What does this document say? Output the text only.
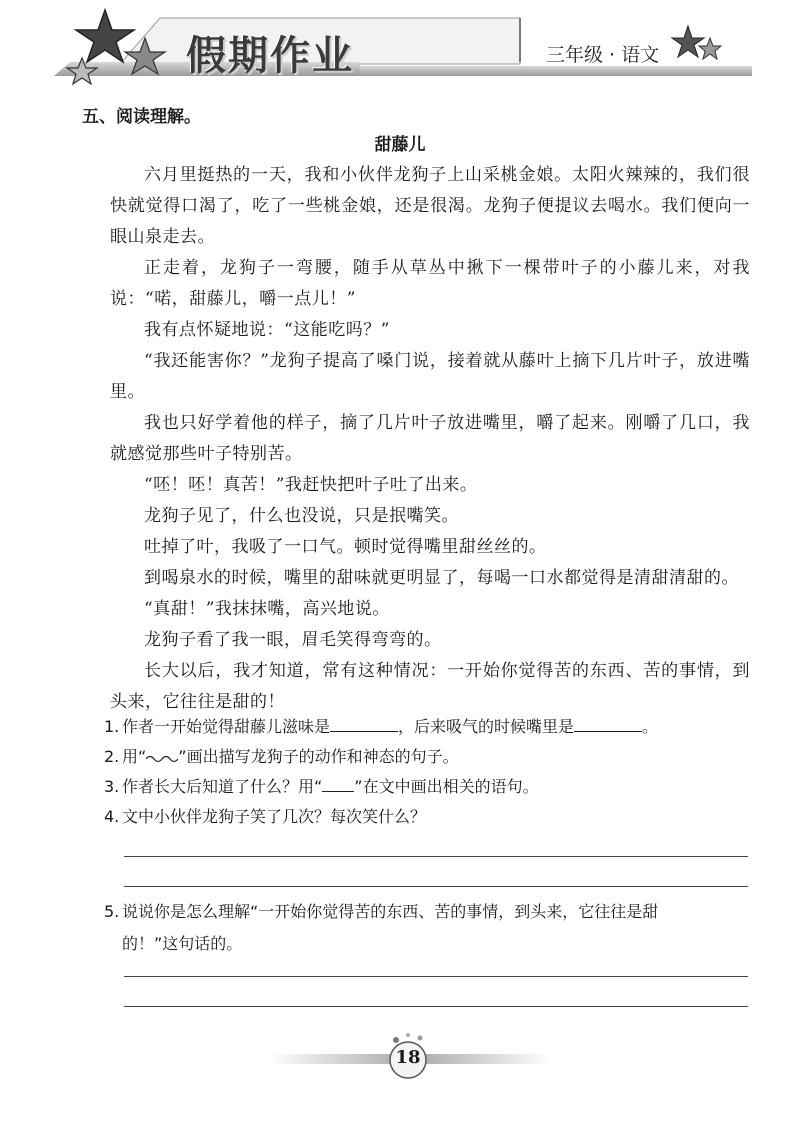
假期作业	三年级 · 语文
五、阅读理解。
甜藤儿

六月里挺热的一天，我和小伙伴龙狗子上山采桃金娘。太阳火辣辣的，我们很快就觉得口渴了，吃了一些桃金娘，还是很渴。龙狗子便提议去喝水。我们便向一眼山泉走去。

正走着，龙狗子一弯腰，随手从草丛中揪下一棵带叶子的小藤儿来，对我说：“喏，甜藤儿，嚼一点儿！”

我有点怀疑地说：“这能吃吗？”

“我还能害你？”龙狗子提高了嗓门说，接着就从藤叶上摘下几片叶子，放进嘴里。

我也只好学着他的样子，摘了几片叶子放进嘴里，嚼了起来。刚嚼了几口，我就感觉那些叶子特别苦。

“呸！呸！真苦！”我赶快把叶子吐了出来。

龙狗子见了，什么也没说，只是抿嘴笑。

吐掉了叶，我吸了一口气。顿时觉得嘴里甜丝丝的。

到喝泉水的时候，嘴里的甜味就更明显了，每喝一口水都觉得是清甜清甜的。

“真甜！”我抹抹嘴，高兴地说。

龙狗子看了我一眼，眉毛笑得弯弯的。

长大以后，我才知道，常有这种情况：一开始你觉得苦的东西、苦的事情，到头来，它往往是甜的！

1. 作者一开始觉得甜藤儿滋味是	，后来吸气的时候嘴里是	。

2. 用“ ”画出描写龙狗子的动作和神态的句子。

3. 作者长大后知道了什么？用“ ”在文中画出相关的语句。

4. 文中小伙伴龙狗子笑了几次？每次笑什么？

5. 说说你是怎么理解“一开始你觉得苦的东西、苦的事情，到头来，它往往是甜

的！”这句话的。

18
